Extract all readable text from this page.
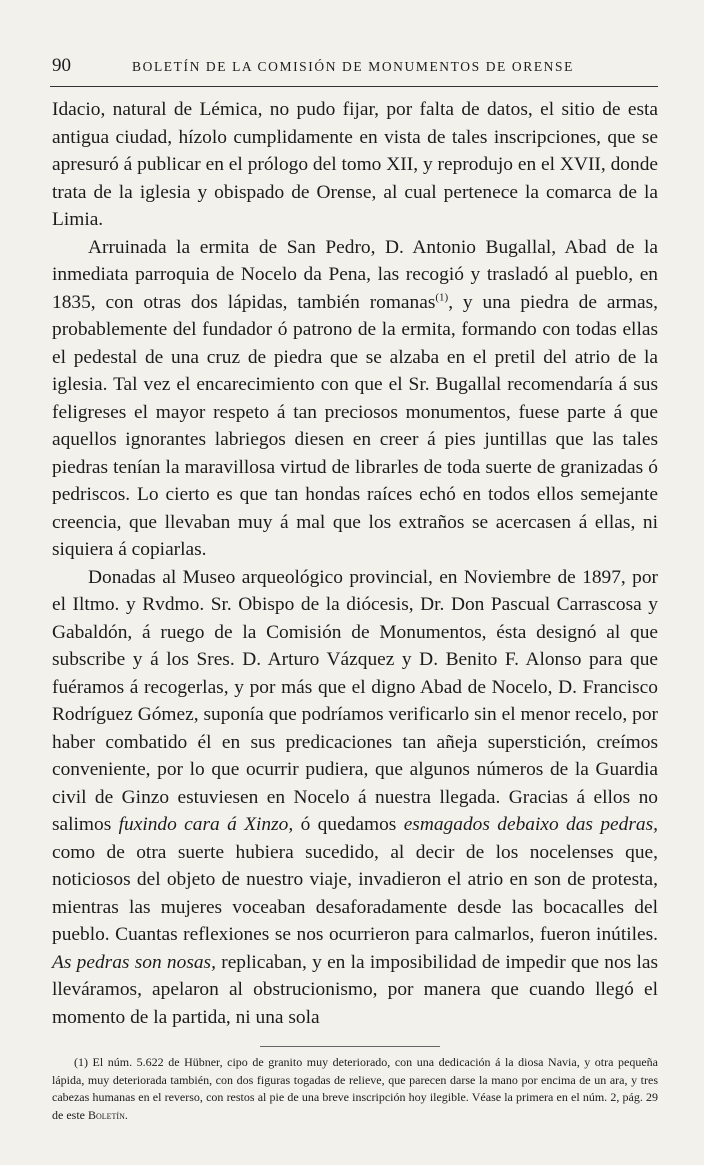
90	BOLETÍN DE LA COMISIÓN DE MONUMENTOS DE ORENSE

Idacio, natural de Lémica, no pudo fijar, por falta de datos, el sitio de esta antigua ciudad, hízolo cumplidamente en vista de tales inscripciones, que se apresuró á publicar en el prólogo del tomo XII, y reprodujo en el XVII, donde trata de la iglesia y obispado de Orense, al cual pertenece la comarca de la Limia.

Arruinada la ermita de San Pedro, D. Antonio Bugallal, Abad de la inmediata parroquia de Nocelo da Pena, las recogió y trasladó al pueblo, en 1835, con otras dos lápidas, también romanas$^{(1)}$, y una piedra de armas, probablemente del fundador ó patrono de la ermita, formando con todas ellas el pedestal de una cruz de piedra que se alzaba en el pretil del atrio de la iglesia. Tal vez el encarecimiento con que el Sr. Bugallal recomendaría á sus feligreses el mayor respeto á tan preciosos monumentos, fuese parte á que aquellos ignorantes labriegos diesen en creer á pies juntillas que las tales piedras tenían la maravillosa virtud de librarles de toda suerte de granizadas ó pedriscos. Lo cierto es que tan hondas raíces echó en todos ellos semejante creencia, que llevaban muy á mal que los extraños se acercasen á ellas, ni siquiera á copiarlas.

Donadas al Museo arqueológico provincial, en Noviembre de 1897, por el Iltmo. y Rvdmo. Sr. Obispo de la diócesis, Dr. Don Pascual Carrascosa y Gabaldón, á ruego de la Comisión de Monumentos, ésta designó al que subscribe y á los Sres. D. Arturo Vázquez y D. Benito F. Alonso para que fuéramos á recogerlas, y por más que el digno Abad de Nocelo, D. Francisco Rodríguez Gómez, suponía que podríamos verificarlo sin el menor recelo, por haber combatido él en sus predicaciones tan añeja superstición, creímos conveniente, por lo que ocurrir pudiera, que algunos números de la Guardia civil de Ginzo estuviesen en Nocelo á nuestra llegada. Gracias á ellos no salimos fuxindo cara á Xinzo, ó quedamos esmagados debaixo das pedras, como de otra suerte hubiera sucedido, al decir de los nocelenses que, noticiosos del objeto de nuestro viaje, invadieron el atrio en son de protesta, mientras las mujeres voceaban desaforadamente desde las bocacalles del pueblo. Cuantas reflexiones se nos ocurrieron para calmarlos, fueron inútiles. As pedras son nosas, replicaban, y en la imposibilidad de impedir que nos las lleváramos, apelaron al obstrucionismo, por manera que cuando llegó el momento de la partida, ni una sola

(1) El núm. 5.622 de Hübner, cipo de granito muy deteriorado, con una dedicación á la diosa Navia, y otra pequeña lápida, muy deteriorada también, con dos figuras togadas de relieve, que parecen darse la mano por encima de un ara, y tres cabezas humanas en el reverso, con restos al pie de una breve inscripción hoy ilegible. Véase la primera en el núm. 2, pág. 29 de este Boletín.
